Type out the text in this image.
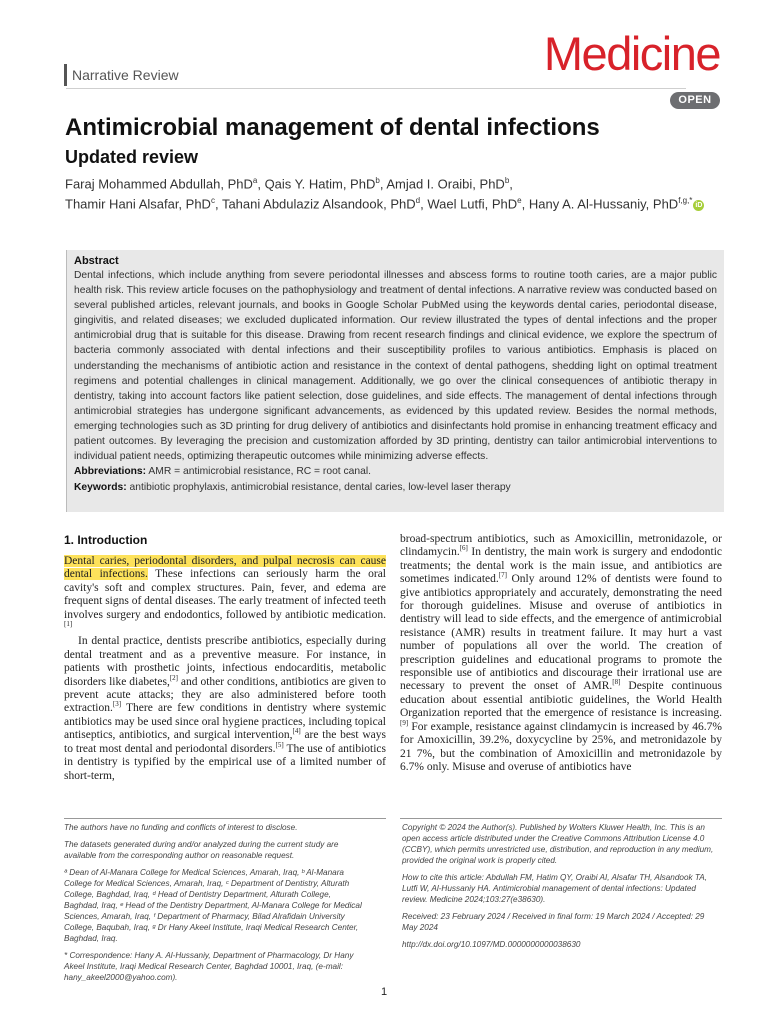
Narrative Review	Medicine
OPEN
Antimicrobial management of dental infections
Updated review
Faraj Mohammed Abdullah, PhD$^a$, Qais Y. Hatim, PhD$^b$, Amjad I. Oraibi, PhD$^b$,
Thamir Hani Alsafar, PhD$^c$, Tahani Abdulaziz Alsandook, PhD$^d$, Wael Lutfi, PhD$^e$, Hany A. Al-Hussaniy, PhD$^{f,g,*}$ iD
Abstract

Dental infections, which include anything from severe periodontal illnesses and abscess forms to routine tooth caries, are a major public health risk. This review article focuses on the pathophysiology and treatment of dental infections. A narrative review was conducted based on several published articles, relevant journals, and books in Google Scholar PubMed using the keywords dental caries, periodontal disease, gingivitis, and related diseases; we excluded duplicated information. Our review illustrated the types of dental infections and the proper antimicrobial drug that is suitable for this disease. Drawing from recent research findings and clinical evidence, we explore the spectrum of bacteria commonly associated with dental infections and their susceptibility profiles to various antibiotics. Emphasis is placed on understanding the mechanisms of antibiotic action and resistance in the context of dental pathogens, shedding light on optimal treatment regimens and potential challenges in clinical management. Additionally, we go over the clinical consequences of antibiotic therapy in dentistry, taking into account factors like patient selection, dose guidelines, and side effects. The management of dental infections through antimicrobial strategies has undergone significant advancements, as evidenced by this updated review. Besides the normal methods, emerging technologies such as 3D printing for drug delivery of antibiotics and disinfectants hold promise in enhancing treatment efficacy and patient outcomes. By leveraging the precision and customization afforded by 3D printing, dentistry can tailor antimicrobial interventions to individual patient needs, optimizing therapeutic outcomes while minimizing adverse effects.

Abbreviations: AMR = antimicrobial resistance, RC = root canal.

Keywords: antibiotic prophylaxis, antimicrobial resistance, dental caries, low-level laser therapy

1. Introduction

Dental caries, periodontal disorders, and pulpal necrosis can cause dental infections. These infections can seriously harm the oral cavity's soft and complex structures. Pain, fever, and edema are frequent signs of dental diseases. The early treatment of infected teeth involves surgery and endodontics, followed by antibiotic medication.[1]

In dental practice, dentists prescribe antibiotics, especially during dental treatment and as a preventive measure. For instance, in patients with prosthetic joints, infectious endocarditis, metabolic disorders like diabetes,[2] and other conditions, antibiotics are given to prevent acute attacks; they are also administered before tooth extraction.[3] There are few conditions in dentistry where systemic antibiotics may be used since oral hygiene practices, including topical antiseptics, antibiotics, and surgical intervention,[4] are the best ways to treat most dental and periodontal disorders.[5] The use of antibiotics in dentistry is typified by the empirical use of a limited number of short-term,

broad-spectrum antibiotics, such as Amoxicillin, metronidazole, or clindamycin.[6] In dentistry, the main work is surgery and endodontic treatments; the dental work is the main issue, and antibiotics are sometimes indicated.[7] Only around 12% of dentists were found to give antibiotics appropriately and accurately, demonstrating the need for thorough guidelines. Misuse and overuse of antibiotics in dentistry will lead to side effects, and the emergence of antimicrobial resistance (AMR) results in treatment failure. It may hurt a vast number of populations all over the world. The creation of prescription guidelines and educational programs to promote the responsible use of antibiotics and discourage their irrational use are necessary to prevent the onset of AMR.[8] Despite continuous education about essential antibiotic guidelines, the World Health Organization reported that the emergence of resistance is increasing.[9] For example, resistance against clindamycin is increased by 46.7% for Amoxicillin, 39.2%, doxycycline by 25%, and metronidazole by 21 7%, but the combination of Amoxicillin and metronidazole by 6.7% only. Misuse and overuse of antibiotics have

The authors have no funding and conflicts of interest to disclose.

The datasets generated during and/or analyzed during the current study are available from the corresponding author on reasonable request.

ª Dean of Al-Manara College for Medical Sciences, Amarah, Iraq, ᵇ Al-Manara College for Medical Sciences, Amarah, Iraq, ᶜ Department of Dentistry, Alturath College, Baghdad, Iraq, ᵈ Head of Dentistry Department, Alturath College, Baghdad, Iraq, ᵉ Head of the Dentistry Department, Al-Manara College for Medical Sciences, Amarah, Iraq, ᶠ Department of Pharmacy, Bilad Alrafidain University College, Baqubah, Iraq, ᵍ Dr Hany Akeel Institute, Iraqi Medical Research Center, Baghdad, Iraq.

* Correspondence: Hany A. Al-Hussaniy, Department of Pharmacology, Dr Hany Akeel Institute, Iraqi Medical Research Center, Baghdad 10001, Iraq, (e-mail: hany_akeel2000@yahoo.com).

Copyright © 2024 the Author(s). Published by Wolters Kluwer Health, Inc. This is an open access article distributed under the Creative Commons Attribution License 4.0 (CCBY), which permits unrestricted use, distribution, and reproduction in any medium, provided the original work is properly cited.

How to cite this article: Abdullah FM, Hatim QY, Oraibi AI, Alsafar TH, Alsandook TA, Lutfi W, Al-Hussaniy HA. Antimicrobial management of dental infections: Updated review. Medicine 2024;103:27(e38630).

Received: 23 February 2024 / Received in final form: 19 March 2024 / Accepted: 29 May 2024

http://dx.doi.org/10.1097/MD.0000000000038630

1
